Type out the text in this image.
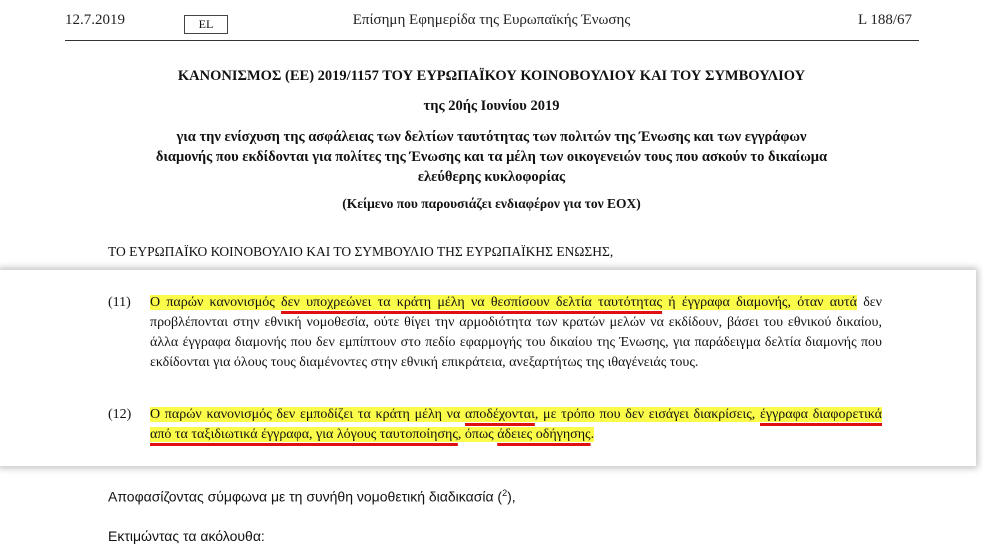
12.7.2019	EL	Επίσημη Εφημερίδα της Ευρωπαϊκής Ένωσης	L 188/67
ΚΑΝΟΝΙΣΜΟΣ (ΕΕ) 2019/1157 ΤΟΥ ΕΥΡΩΠΑΪΚΟΥ ΚΟΙΝΟΒΟΥΛΙΟΥ ΚΑΙ ΤΟΥ ΣΥΜΒΟΥΛΙΟΥ
της 20ής Ιουνίου 2019
για την ενίσχυση της ασφάλειας των δελτίων ταυτότητας των πολιτών της Ένωσης και των εγγράφων διαμονής που εκδίδονται για πολίτες της Ένωσης και τα μέλη των οικογενειών τους που ασκούν το δικαίωμα ελεύθερης κυκλοφορίας
(Κείμενο που παρουσιάζει ενδιαφέρον για τον ΕΟΧ)
ΤΟ ΕΥΡΩΠΑΪΚΟ ΚΟΙΝΟΒΟΥΛΙΟ ΚΑΙ ΤΟ ΣΥΜΒΟΥΛΙΟ ΤΗΣ ΕΥΡΩΠΑΪΚΗΣ ΕΝΩΣΗΣ,
(11) Ο παρών κανονισμός δεν υποχρεώνει τα κράτη μέλη να θεσπίσουν δελτία ταυτότητας ή έγγραφα διαμονής, όταν αυτά δεν προβλέπονται στην εθνική νομοθεσία, ούτε θίγει την αρμοδιότητα των κρατών μελών να εκδίδουν, βάσει του εθνικού δικαίου, άλλα έγγραφα διαμονής που δεν εμπίπτουν στο πεδίο εφαρμογής του δικαίου της Ένωσης, για παράδειγμα δελτία διαμονής που εκδίδονται για όλους τους διαμένοντες στην εθνική επικράτεια, ανεξαρτήτως της ιθαγένειάς τους.
(12) Ο παρών κανονισμός δεν εμποδίζει τα κράτη μέλη να αποδέχονται, με τρόπο που δεν εισάγει διακρίσεις, έγγραφα διαφορετικά από τα ταξιδιωτικά έγγραφα, για λόγους ταυτοποίησης, όπως άδειες οδήγησης.
Αποφασίζοντας σύμφωνα με τη συνήθη νομοθετική διαδικασία ($^2$),
Εκτιμώντας τα ακόλουθα:
